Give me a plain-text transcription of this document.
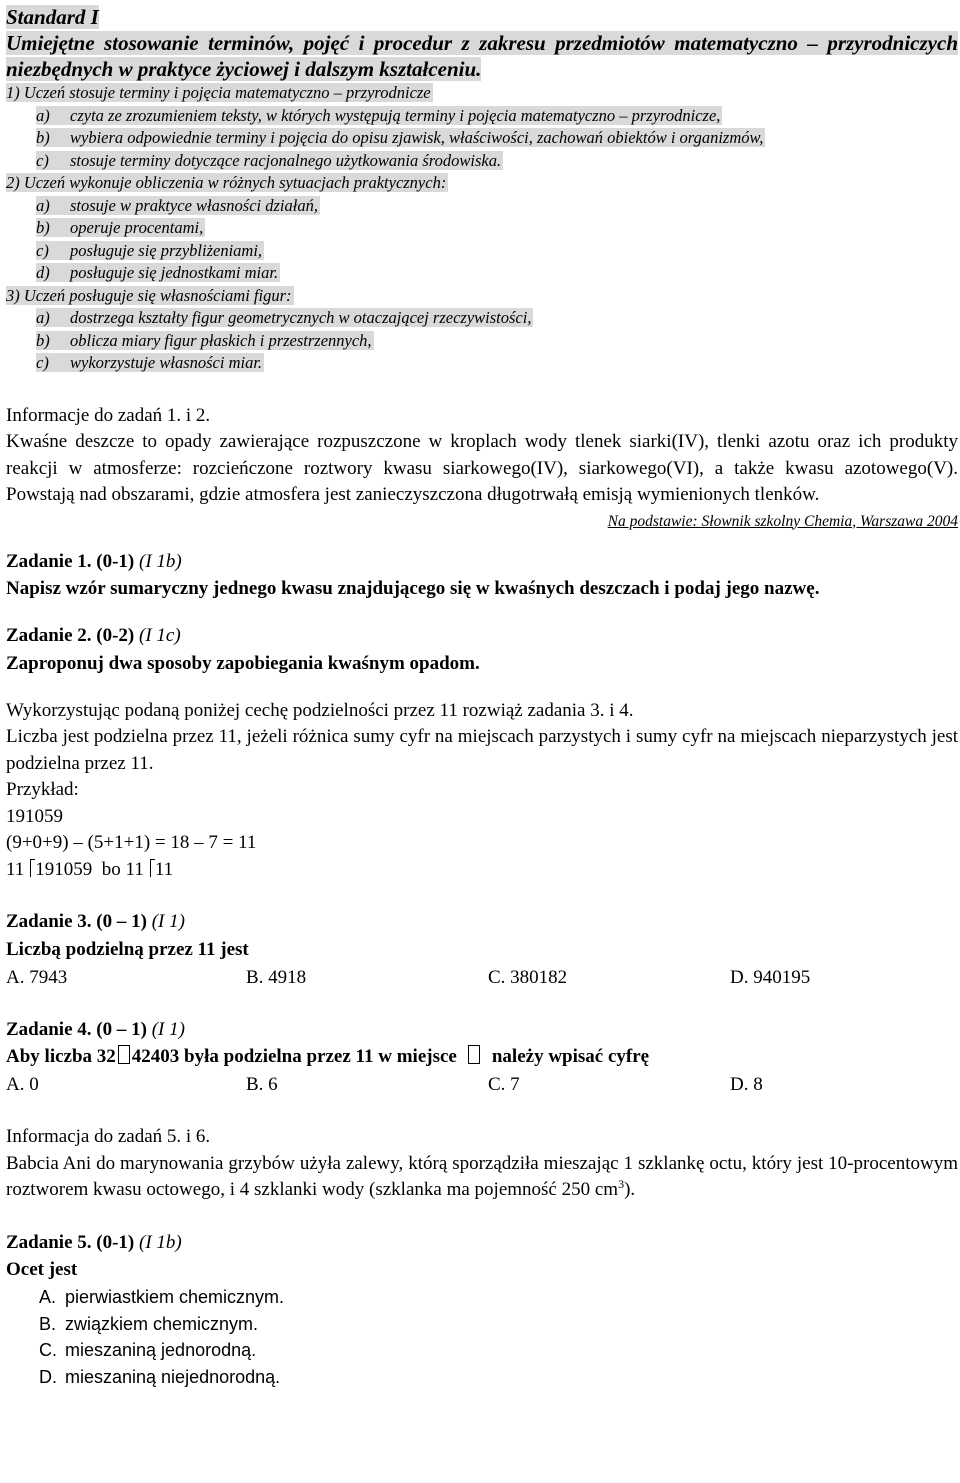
Standard I
Umiejętne stosowanie terminów, pojęć i procedur z zakresu przedmiotów matematyczno – przyrodniczych niezbędnych w praktyce życiowej i dalszym kształceniu.
1) Uczeń stosuje terminy i pojęcia matematyczno – przyrodnicze
a) czyta ze zrozumieniem teksty, w których występują terminy i pojęcia matematyczno – przyrodnicze,
b) wybiera odpowiednie terminy i pojęcia do opisu zjawisk, właściwości, zachowań obiektów i organizmów,
c) stosuje terminy dotyczące racjonalnego użytkowania środowiska.
2) Uczeń wykonuje obliczenia w różnych sytuacjach praktycznych:
a) stosuje w praktyce własności działań,
b) operuje procentami,
c) posługuje się przybliżeniami,
d) posługuje się jednostkami miar.
3) Uczeń posługuje się własnościami figur:
a) dostrzega kształty figur geometrycznych w otaczającej rzeczywistości,
b) oblicza miary figur płaskich i przestrzennych,
c) wykorzystuje własności miar.
Informacje do zadań 1. i 2.

Kwaśne deszcze to opady zawierające rozpuszczone w kroplach wody tlenek siarki(IV), tlenki azotu oraz ich produkty reakcji w atmosferze: rozcieńczone roztwory kwasu siarkowego(IV), siarkowego(VI), a także kwasu azotowego(V). Powstają nad obszarami, gdzie atmosfera jest zanieczyszczona długotrwałą emisją wymienionych tlenków.

Na podstawie: Słownik szkolny Chemia, Warszawa 2004
Zadanie 1. (0-1) (I 1b)

Napisz wzór sumaryczny jednego kwasu znajdującego się w kwaśnych deszczach i podaj jego nazwę.

Zadanie 2. (0-2) (I 1c)
Zaproponuj dwa sposoby zapobiegania kwaśnym opadom.
Wykorzystując podaną poniżej cechę podzielności przez 11 rozwiąż zadania 3. i 4.

Liczba jest podzielna przez 11, jeżeli różnica sumy cyfr na miejscach parzystych i sumy cyfr na miejscach nieparzystych jest podzielna przez 11.

Przykład:
191059
(9+0+9) – (5+1+1) = 18 – 7 = 11
11 191059 bo 11 11
Zadanie 3. (0 – 1) (I 1)
Liczbą podzielną przez 11 jest
A. 7943	B. 4918	C. 380182	D. 940195
Zadanie 4. (0 – 1) (I 1)
Aby liczba 32 42403 była podzielna przez 11 w miejsce należy wpisać cyfrę
A. 0	B. 6	C. 7	D. 8
Informacja do zadań 5. i 6.

Babcia Ani do marynowania grzybów użyła zalewy, którą sporządziła mieszając 1 szklankę octu, który jest 10-procentowym roztworem kwasu octowego, i 4 szklanki wody (szklanka ma pojemność 250 $cm^3$).

Zadanie 5. (0-1) (I 1b)
Ocet jest
A. pierwiastkiem chemicznym.
B. związkiem chemicznym.
C. mieszaniną jednorodną.
D. mieszaniną niejednorodną.
